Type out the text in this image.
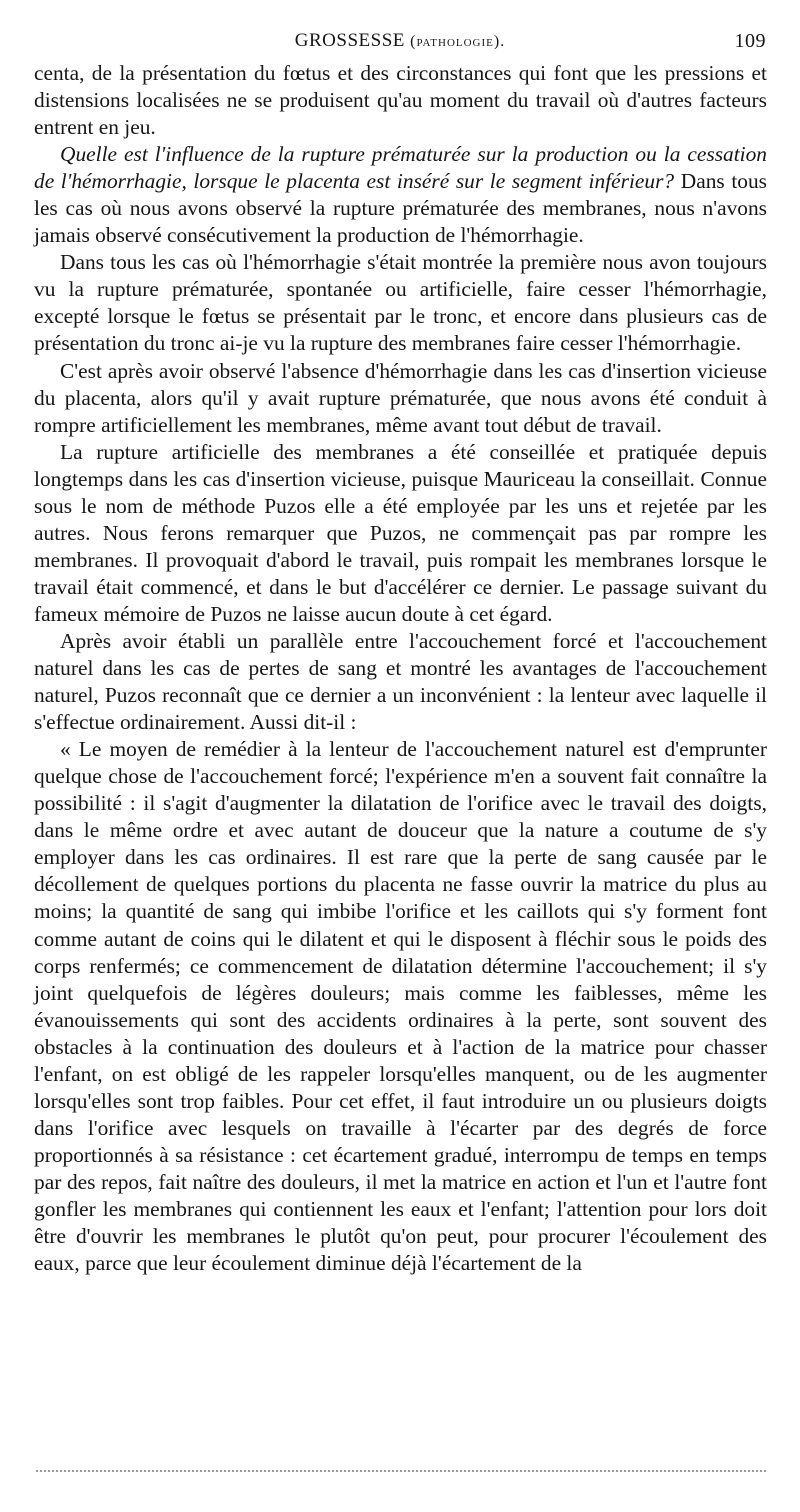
GROSSESSE (pathologie).	109

centa, de la présentation du fœtus et des circonstances qui font que les pressions et distensions localisées ne se produisent qu'au moment du travail où d'autres facteurs entrent en jeu.

Quelle est l'influence de la rupture prématurée sur la production ou la cessation de l'hémorrhagie, lorsque le placenta est inséré sur le segment inférieur? Dans tous les cas où nous avons observé la rupture prématurée des membranes, nous n'avons jamais observé consécutivement la production de l'hémorrhagie.

Dans tous les cas où l'hémorrhagie s'était montrée la première nous avon toujours vu la rupture prématurée, spontanée ou artificielle, faire cesser l'hémorrhagie, excepté lorsque le fœtus se présentait par le tronc, et encore dans plusieurs cas de présentation du tronc ai-je vu la rupture des membranes faire cesser l'hémorrhagie.

C'est après avoir observé l'absence d'hémorrhagie dans les cas d'insertion vicieuse du placenta, alors qu'il y avait rupture prématurée, que nous avons été conduit à rompre artificiellement les membranes, même avant tout début de travail.

La rupture artificielle des membranes a été conseillée et pratiquée depuis longtemps dans les cas d'insertion vicieuse, puisque Mauriceau la conseillait. Connue sous le nom de méthode Puzos elle a été employée par les uns et rejetée par les autres. Nous ferons remarquer que Puzos, ne commençait pas par rompre les membranes. Il provoquait d'abord le travail, puis rompait les membranes lorsque le travail était commencé, et dans le but d'accélérer ce dernier. Le passage suivant du fameux mémoire de Puzos ne laisse aucun doute à cet égard.

Après avoir établi un parallèle entre l'accouchement forcé et l'accouchement naturel dans les cas de pertes de sang et montré les avantages de l'accouchement naturel, Puzos reconnaît que ce dernier a un inconvénient : la lenteur avec laquelle il s'effectue ordinairement. Aussi dit-il :

« Le moyen de remédier à la lenteur de l'accouchement naturel est d'emprunter quelque chose de l'accouchement forcé; l'expérience m'en a souvent fait connaître la possibilité : il s'agit d'augmenter la dilatation de l'orifice avec le travail des doigts, dans le même ordre et avec autant de douceur que la nature a coutume de s'y employer dans les cas ordinaires. Il est rare que la perte de sang causée par le décollement de quelques portions du placenta ne fasse ouvrir la matrice du plus au moins; la quantité de sang qui imbibe l'orifice et les caillots qui s'y forment font comme autant de coins qui le dilatent et qui le disposent à fléchir sous le poids des corps renfermés; ce commencement de dilatation détermine l'accouchement; il s'y joint quelquefois de légères douleurs; mais comme les faiblesses, même les évanouissements qui sont des accidents ordinaires à la perte, sont souvent des obstacles à la continuation des douleurs et à l'action de la matrice pour chasser l'enfant, on est obligé de les rappeler lorsqu'elles manquent, ou de les augmenter lorsqu'elles sont trop faibles. Pour cet effet, il faut introduire un ou plusieurs doigts dans l'orifice avec lesquels on travaille à l'écarter par des degrés de force proportionnés à sa résistance : cet écartement gradué, interrompu de temps en temps par des repos, fait naître des douleurs, il met la matrice en action et l'un et l'autre font gonfler les membranes qui contiennent les eaux et l'enfant; l'attention pour lors doit être d'ouvrir les membranes le plutôt qu'on peut, pour procurer l'écoulement des eaux, parce que leur écoulement diminue déjà l'écartement de la
